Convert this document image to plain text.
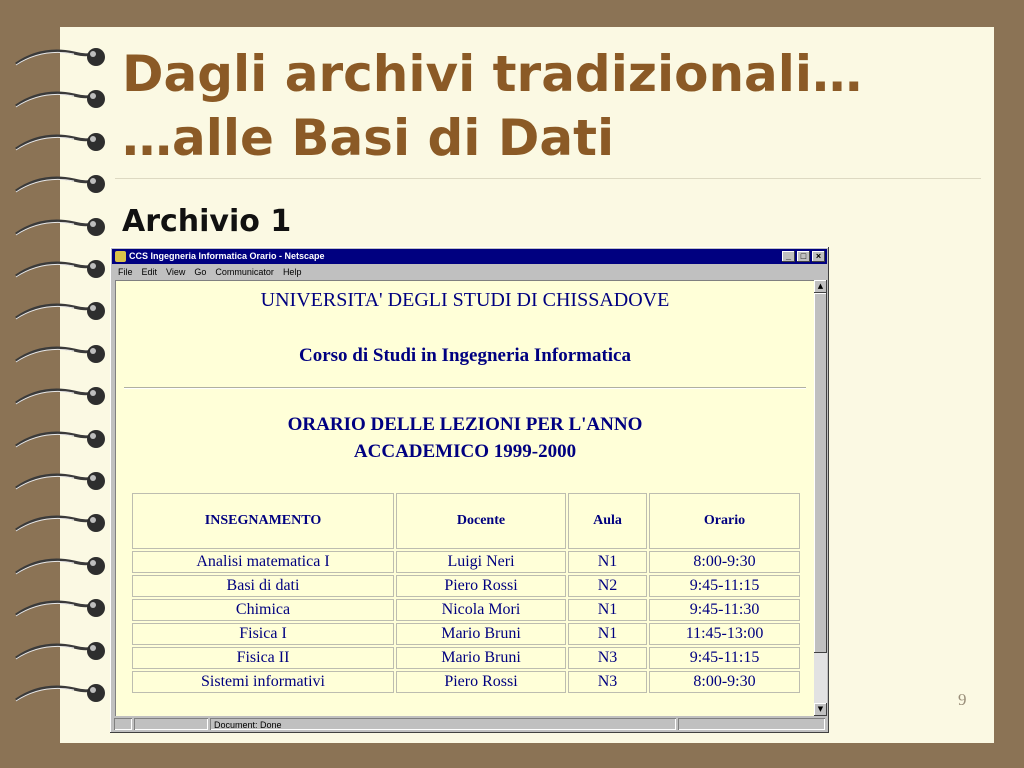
Dagli archivi tradizionali…
…alle Basi di Dati
Archivio 1
9
CCS Ingegneria Informatica Orario - Netscape	_	□	×
File Edit View Go Communicator Help
UNIVERSITA' DEGLI STUDI DI CHISSADOVE
Corso di Studi in Ingegneria Informatica
ORARIO DELLE LEZIONI PER L'ANNO
ACCADEMICO 1999-2000
INSEGNAMENTO	Docente	Aula	Orario
Analisi matematica I	Luigi Neri	N1	8:00-9:30
Basi di dati	Piero Rossi	N2	9:45-11:15
Chimica	Nicola Mori	N1	9:45-11:30
Fisica I	Mario Bruni	N1	11:45-13:00
Fisica II	Mario Bruni	N3	9:45-11:15
Sistemi informativi	Piero Rossi	N3	8:00-9:30
▲
▼
Document: Done
